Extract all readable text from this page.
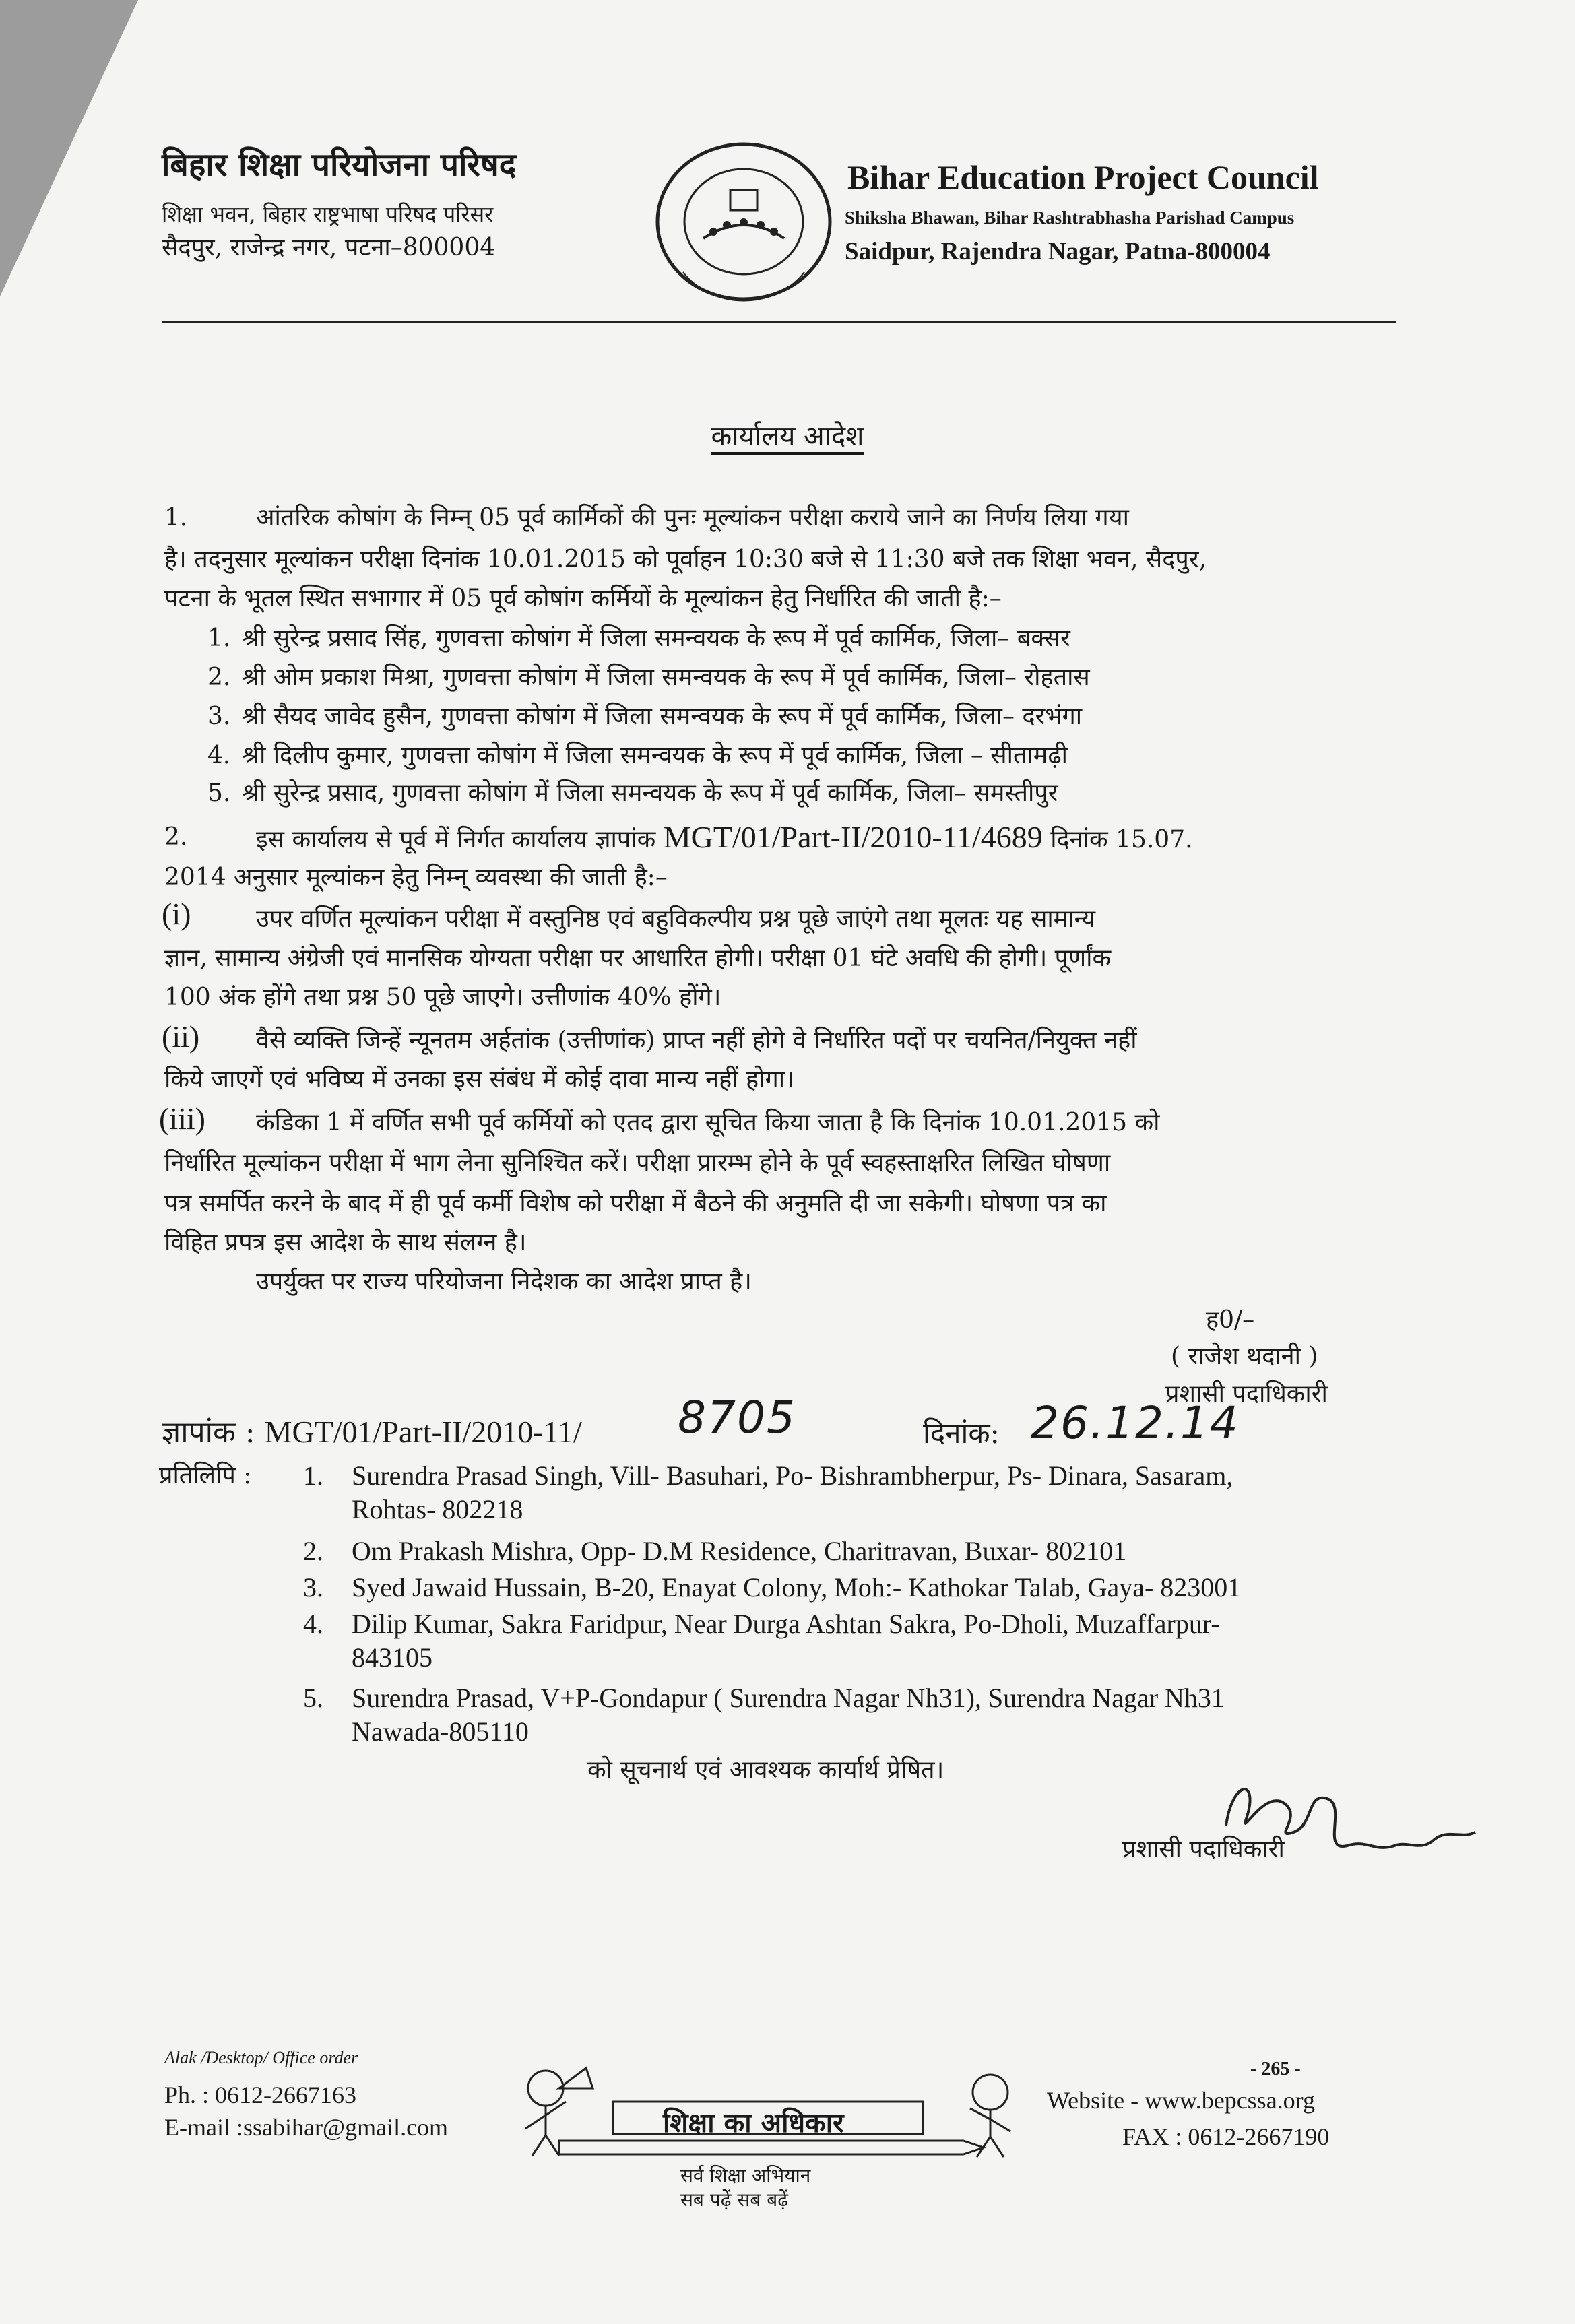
बिहार शिक्षा परियोजना परिषद
शिक्षा भवन, बिहार राष्ट्रभाषा परिषद परिसर
सैदपुर, राजेन्द्र नगर, पटना–800004
Bihar Education Project Council
Shiksha Bhawan, Bihar Rashtrabhasha Parishad Campus
Saidpur, Rajendra Nagar, Patna-800004
कार्यालय आदेश
1.	आंतरिक कोषांग के निम्न् 05 पूर्व कार्मिकों की पुनः मूल्यांकन परीक्षा कराये जाने का निर्णय लिया गया
है। तदनुसार मूल्यांकन परीक्षा दिनांक 10.01.2015 को पूर्वाहन 10:30 बजे से 11:30 बजे तक शिक्षा भवन, सैदपुर,
पटना के भूतल स्थित सभागार में 05 पूर्व कोषांग कर्मियों के मूल्यांकन हेतु निर्धारित की जाती है:–
1. श्री सुरेन्द्र प्रसाद सिंह, गुणवत्ता कोषांग में जिला समन्वयक के रूप में पूर्व कार्मिक, जिला– बक्सर
2. श्री ओम प्रकाश मिश्रा, गुणवत्ता कोषांग में जिला समन्वयक के रूप में पूर्व कार्मिक, जिला– रोहतास
3. श्री सैयद जावेद हुसैन, गुणवत्ता कोषांग में जिला समन्वयक के रूप में पूर्व कार्मिक, जिला– दरभंगा
4. श्री दिलीप कुमार, गुणवत्ता कोषांग में जिला समन्वयक के रूप में पूर्व कार्मिक, जिला – सीतामढ़ी
5. श्री सुरेन्द्र प्रसाद, गुणवत्ता कोषांग में जिला समन्वयक के रूप में पूर्व कार्मिक, जिला– समस्तीपुर
2.	इस कार्यालय से पूर्व में निर्गत कार्यालय ज्ञापांक MGT/01/Part-II/2010-11/4689 दिनांक 15.07.
2014 अनुसार मूल्यांकन हेतु निम्न् व्यवस्था की जाती है:–
(i)	उपर वर्णित मूल्यांकन परीक्षा में वस्तुनिष्ठ एवं बहुविकल्पीय प्रश्न पूछे जाएंगे तथा मूलतः यह सामान्य
ज्ञान, सामान्य अंग्रेजी एवं मानसिक योग्यता परीक्षा पर आधारित होगी। परीक्षा 01 घंटे अवधि की होगी। पूर्णांक
100 अंक होंगे तथा प्रश्न 50 पूछे जाएगे। उत्तीणांक 40% होंगे।
(ii) वैसे व्यक्ति जिन्हें न्यूनतम अर्हतांक (उत्तीणांक) प्राप्त नहीं होगे वे निर्धारित पदों पर चयनित/नियुक्त नहीं
किये जाएगें एवं भविष्य में उनका इस संबंध में कोई दावा मान्य नहीं होगा।
(iii) कंडिका 1 में वर्णित सभी पूर्व कर्मियों को एतद द्वारा सूचित किया जाता है कि दिनांक 10.01.2015 को
निर्धारित मूल्यांकन परीक्षा में भाग लेना सुनिश्चित करें। परीक्षा प्रारम्भ होने के पूर्व स्वहस्ताक्षरित लिखित घोषणा
पत्र समर्पित करने के बाद में ही पूर्व कर्मी विशेष को परीक्षा में बैठने की अनुमति दी जा सकेगी। घोषणा पत्र का
विहित प्रपत्र इस आदेश के साथ संलग्न है।
उपर्युक्त पर राज्य परियोजना निदेशक का आदेश प्राप्त है।
ह0/–
( राजेश थदानी )
प्रशासी पदाधिकारी
ज्ञापांक : MGT/01/Part-II/2010-11/ 8705	दिनांक: 26.12.14
प्रतिलिपि : 1. Surendra Prasad Singh, Vill- Basuhari, Po- Bishrambherpur, Ps- Dinara, Sasaram,
Rohtas- 802218
2. Om Prakash Mishra, Opp- D.M Residence, Charitravan, Buxar- 802101
3. Syed Jawaid Hussain, B-20, Enayat Colony, Moh:- Kathokar Talab, Gaya- 823001
4. Dilip Kumar, Sakra Faridpur, Near Durga Ashtan Sakra, Po-Dholi, Muzaffarpur-
843105
5. Surendra Prasad, V+P-Gondapur ( Surendra Nagar Nh31), Surendra Nagar Nh31
Nawada-805110
को सूचनार्थ एवं आवश्यक कार्यार्थ प्रेषित।
प्रशासी पदाधिकारी
Alak /Desktop/ Office order
Ph. : 0612-2667163
E-mail :ssabihar@gmail.com	शिक्षा का अधिकार
सर्व शिक्षा अभियान
सब पढ़ें सब बढ़ें
- 265 -
Website - www.bepcssa.org
FAX : 0612-2667190
